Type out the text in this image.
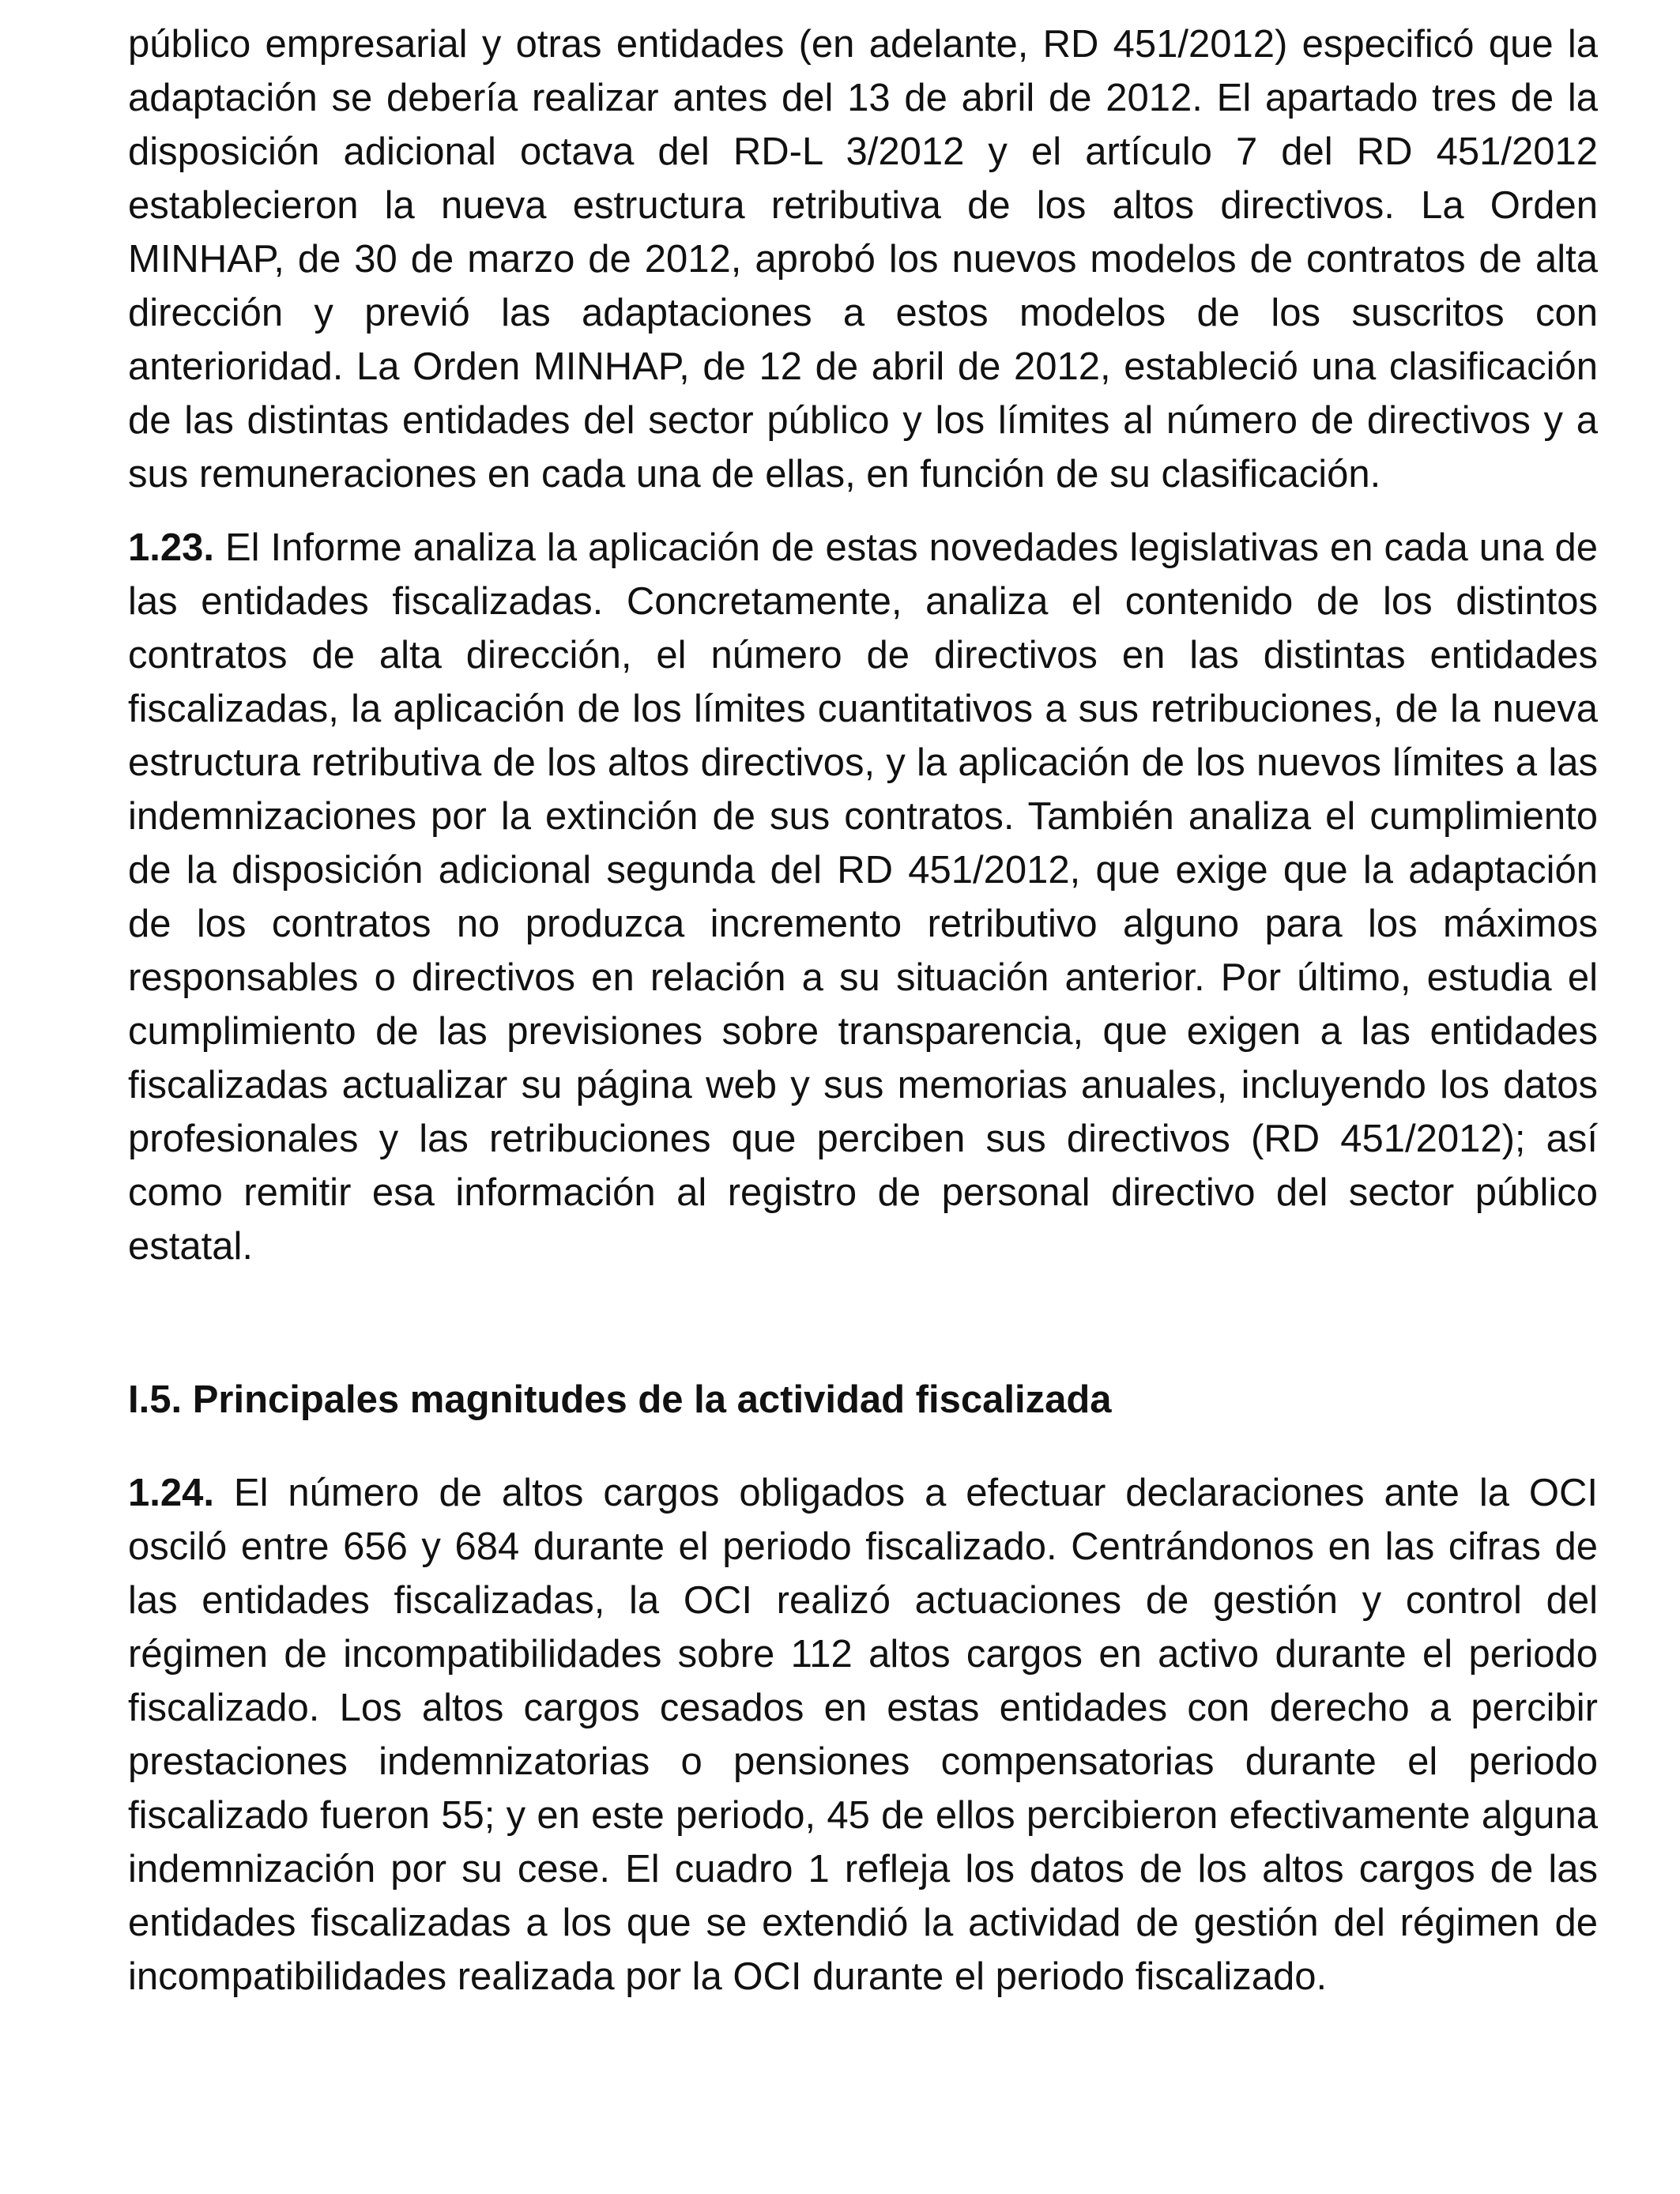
público empresarial y otras entidades (en adelante, RD 451/2012) especificó que la adaptación se debería realizar antes del 13 de abril de 2012. El apartado tres de la disposición adicional octava del RD-L 3/2012 y el artículo 7 del RD 451/2012 establecieron la nueva estructura retributiva de los altos directivos. La Orden MINHAP, de 30 de marzo de 2012, aprobó los nuevos modelos de contratos de alta dirección y previó las adaptaciones a estos modelos de los suscritos con anterioridad. La Orden MINHAP, de 12 de abril de 2012, estableció una clasificación de las distintas entidades del sector público y los límites al número de directivos y a sus remuneraciones en cada una de ellas, en función de su clasificación.

1.23. El Informe analiza la aplicación de estas novedades legislativas en cada una de las entidades fiscalizadas. Concretamente, analiza el contenido de los distintos contratos de alta dirección, el número de directivos en las distintas entidades fiscalizadas, la aplicación de los límites cuantitativos a sus retribuciones, de la nueva estructura retributiva de los altos directivos, y la aplicación de los nuevos límites a las indemnizaciones por la extinción de sus contratos. También analiza el cumplimiento de la disposición adicional segunda del RD 451/2012, que exige que la adaptación de los contratos no produzca incremento retributivo alguno para los máximos responsables o directivos en relación a su situación anterior. Por último, estudia el cumplimiento de las previsiones sobre transparencia, que exigen a las entidades fiscalizadas actualizar su página web y sus memorias anuales, incluyendo los datos profesionales y las retribuciones que perciben sus directivos (RD 451/2012); así como remitir esa información al registro de personal directivo del sector público estatal.

I.5. Principales magnitudes de la actividad fiscalizada

1.24. El número de altos cargos obligados a efectuar declaraciones ante la OCI osciló entre 656 y 684 durante el periodo fiscalizado. Centrándonos en las cifras de las entidades fiscalizadas, la OCI realizó actuaciones de gestión y control del régimen de incompatibilidades sobre 112 altos cargos en activo durante el periodo fiscalizado. Los altos cargos cesados en estas entidades con derecho a percibir prestaciones indemnizatorias o pensiones compensatorias durante el periodo fiscalizado fueron 55; y en este periodo, 45 de ellos percibieron efectivamente alguna indemnización por su cese. El cuadro 1 refleja los datos de los altos cargos de las entidades fiscalizadas a los que se extendió la actividad de gestión del régimen de incompatibilidades realizada por la OCI durante el periodo fiscalizado.
